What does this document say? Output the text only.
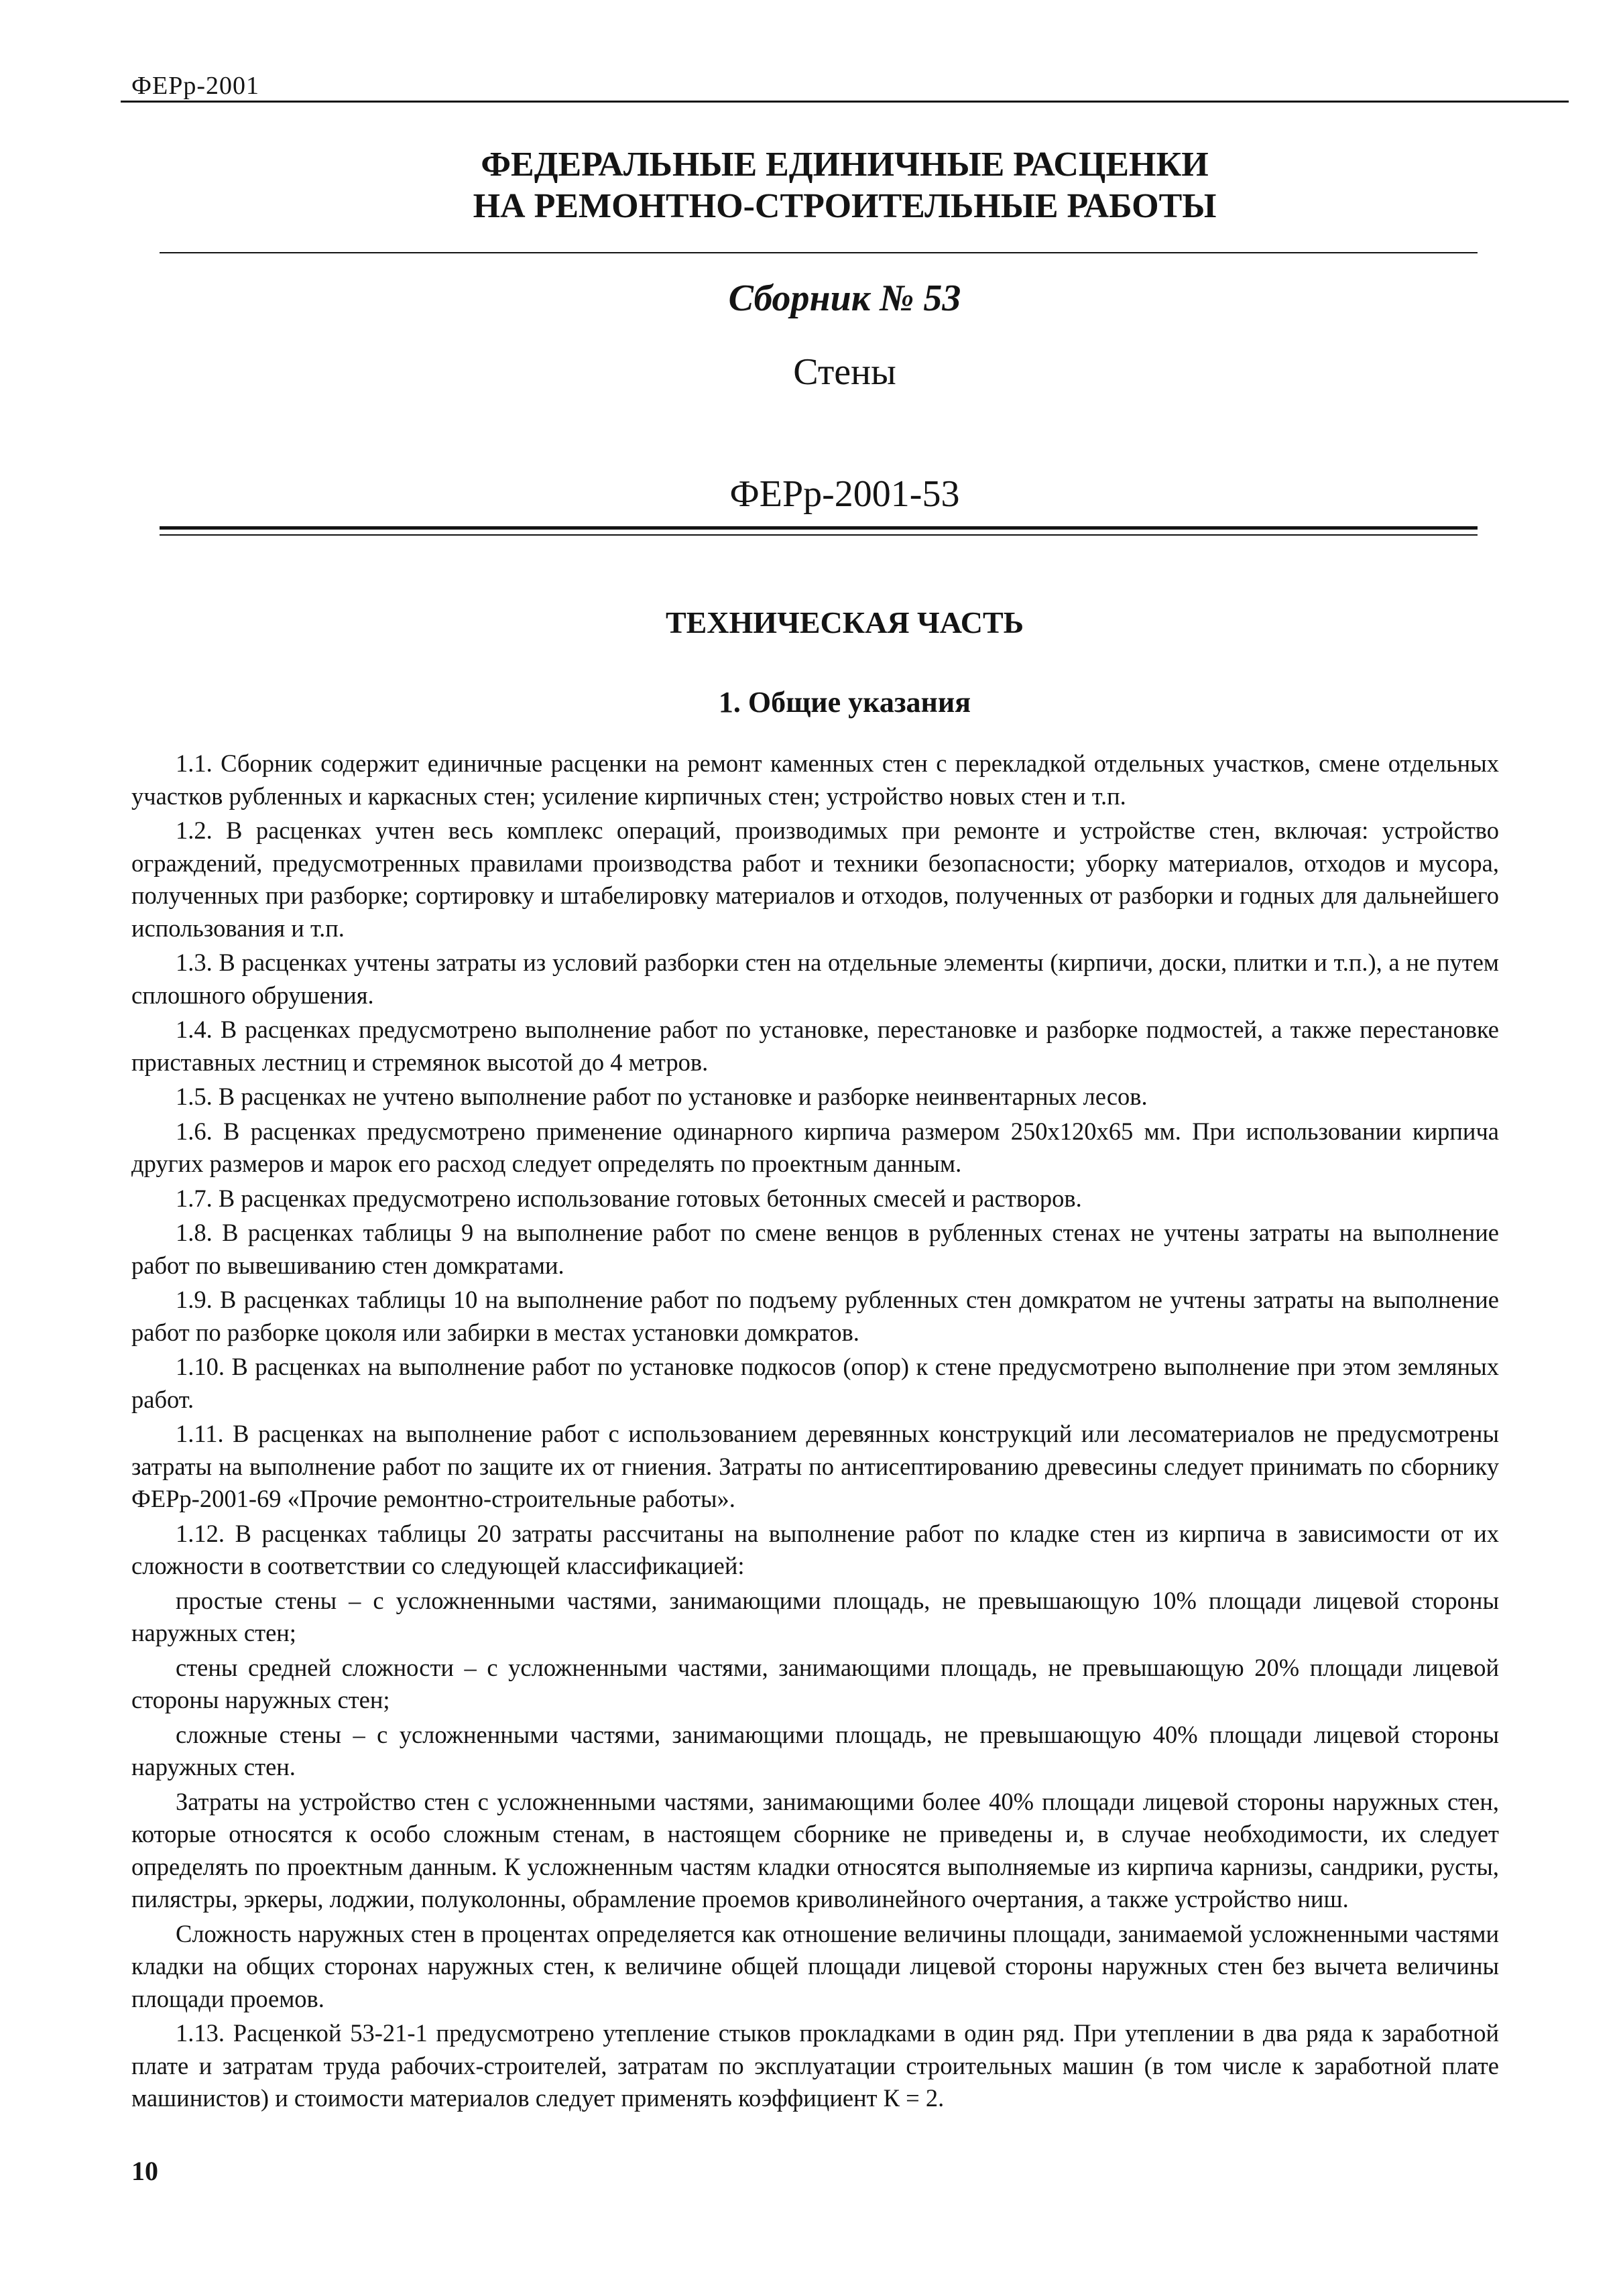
ФЕРр-2001
ФЕДЕРАЛЬНЫЕ ЕДИНИЧНЫЕ РАСЦЕНКИ
НА РЕМОНТНО-СТРОИТЕЛЬНЫЕ РАБОТЫ
Сборник № 53
Стены
ФЕРр-2001-53
ТЕХНИЧЕСКАЯ ЧАСТЬ
1. Общие указания

1.1. Сборник содержит единичные расценки на ремонт каменных стен с перекладкой отдельных участков, смене отдельных участков рубленных и каркасных стен; усиление кирпичных стен; устройство новых стен и т.п.

1.2. В расценках учтен весь комплекс операций, производимых при ремонте и устройстве стен, включая: устройство ограждений, предусмотренных правилами производства работ и техники безопасности; уборку материалов, отходов и мусора, полученных при разборке; сортировку и штабелировку материалов и отходов, полученных от разборки и годных для дальнейшего использования и т.п.

1.3. В расценках учтены затраты из условий разборки стен на отдельные элементы (кирпичи, доски, плитки и т.п.), а не путем сплошного обрушения.

1.4. В расценках предусмотрено выполнение работ по установке, перестановке и разборке подмостей, а также перестановке приставных лестниц и стремянок высотой до 4 метров.

1.5. В расценках не учтено выполнение работ по установке и разборке неинвентарных лесов.

1.6. В расценках предусмотрено применение одинарного кирпича размером 250x120x65 мм. При использовании кирпича других размеров и марок его расход следует определять по проектным данным.

1.7. В расценках предусмотрено использование готовых бетонных смесей и растворов.

1.8. В расценках таблицы 9 на выполнение работ по смене венцов в рубленных стенах не учтены затраты на выполнение работ по вывешиванию стен домкратами.

1.9. В расценках таблицы 10 на выполнение работ по подъему рубленных стен домкратом не учтены затраты на выполнение работ по разборке цоколя или забирки в местах установки домкратов.

1.10. В расценках на выполнение работ по установке подкосов (опор) к стене предусмотрено выполнение при этом земляных работ.

1.11. В расценках на выполнение работ с использованием деревянных конструкций или лесоматериалов не предусмотрены затраты на выполнение работ по защите их от гниения. Затраты по антисептированию древесины следует принимать по сборнику ФЕРр-2001-69 «Прочие ремонтно-строительные работы».

1.12. В расценках таблицы 20 затраты рассчитаны на выполнение работ по кладке стен из кирпича в зависимости от их сложности в соответствии со следующей классификацией:

простые стены – с усложненными частями, занимающими площадь, не превышающую 10% площади лицевой стороны наружных стен;

стены средней сложности – с усложненными частями, занимающими площадь, не превышающую 20% площади лицевой стороны наружных стен;

сложные стены – с усложненными частями, занимающими площадь, не превышающую 40% площади лицевой стороны наружных стен.

Затраты на устройство стен с усложненными частями, занимающими более 40% площади лицевой стороны наружных стен, которые относятся к особо сложным стенам, в настоящем сборнике не приведены и, в случае необходимости, их следует определять по проектным данным. К усложненным частям кладки относятся выполняемые из кирпича карнизы, сандрики, русты, пилястры, эркеры, лоджии, полуколонны, обрамление проемов криволинейного очертания, а также устройство ниш.

Сложность наружных стен в процентах определяется как отношение величины площади, занимаемой усложненными частями кладки на общих сторонах наружных стен, к величине общей площади лицевой стороны наружных стен без вычета величины площади проемов.

1.13. Расценкой 53-21-1 предусмотрено утепление стыков прокладками в один ряд. При утеплении в два ряда к заработной плате и затратам труда рабочих-строителей, затратам по эксплуатации строительных машин (в том числе к заработной плате машинистов) и стоимости материалов следует применять коэффициент К = 2.

10
